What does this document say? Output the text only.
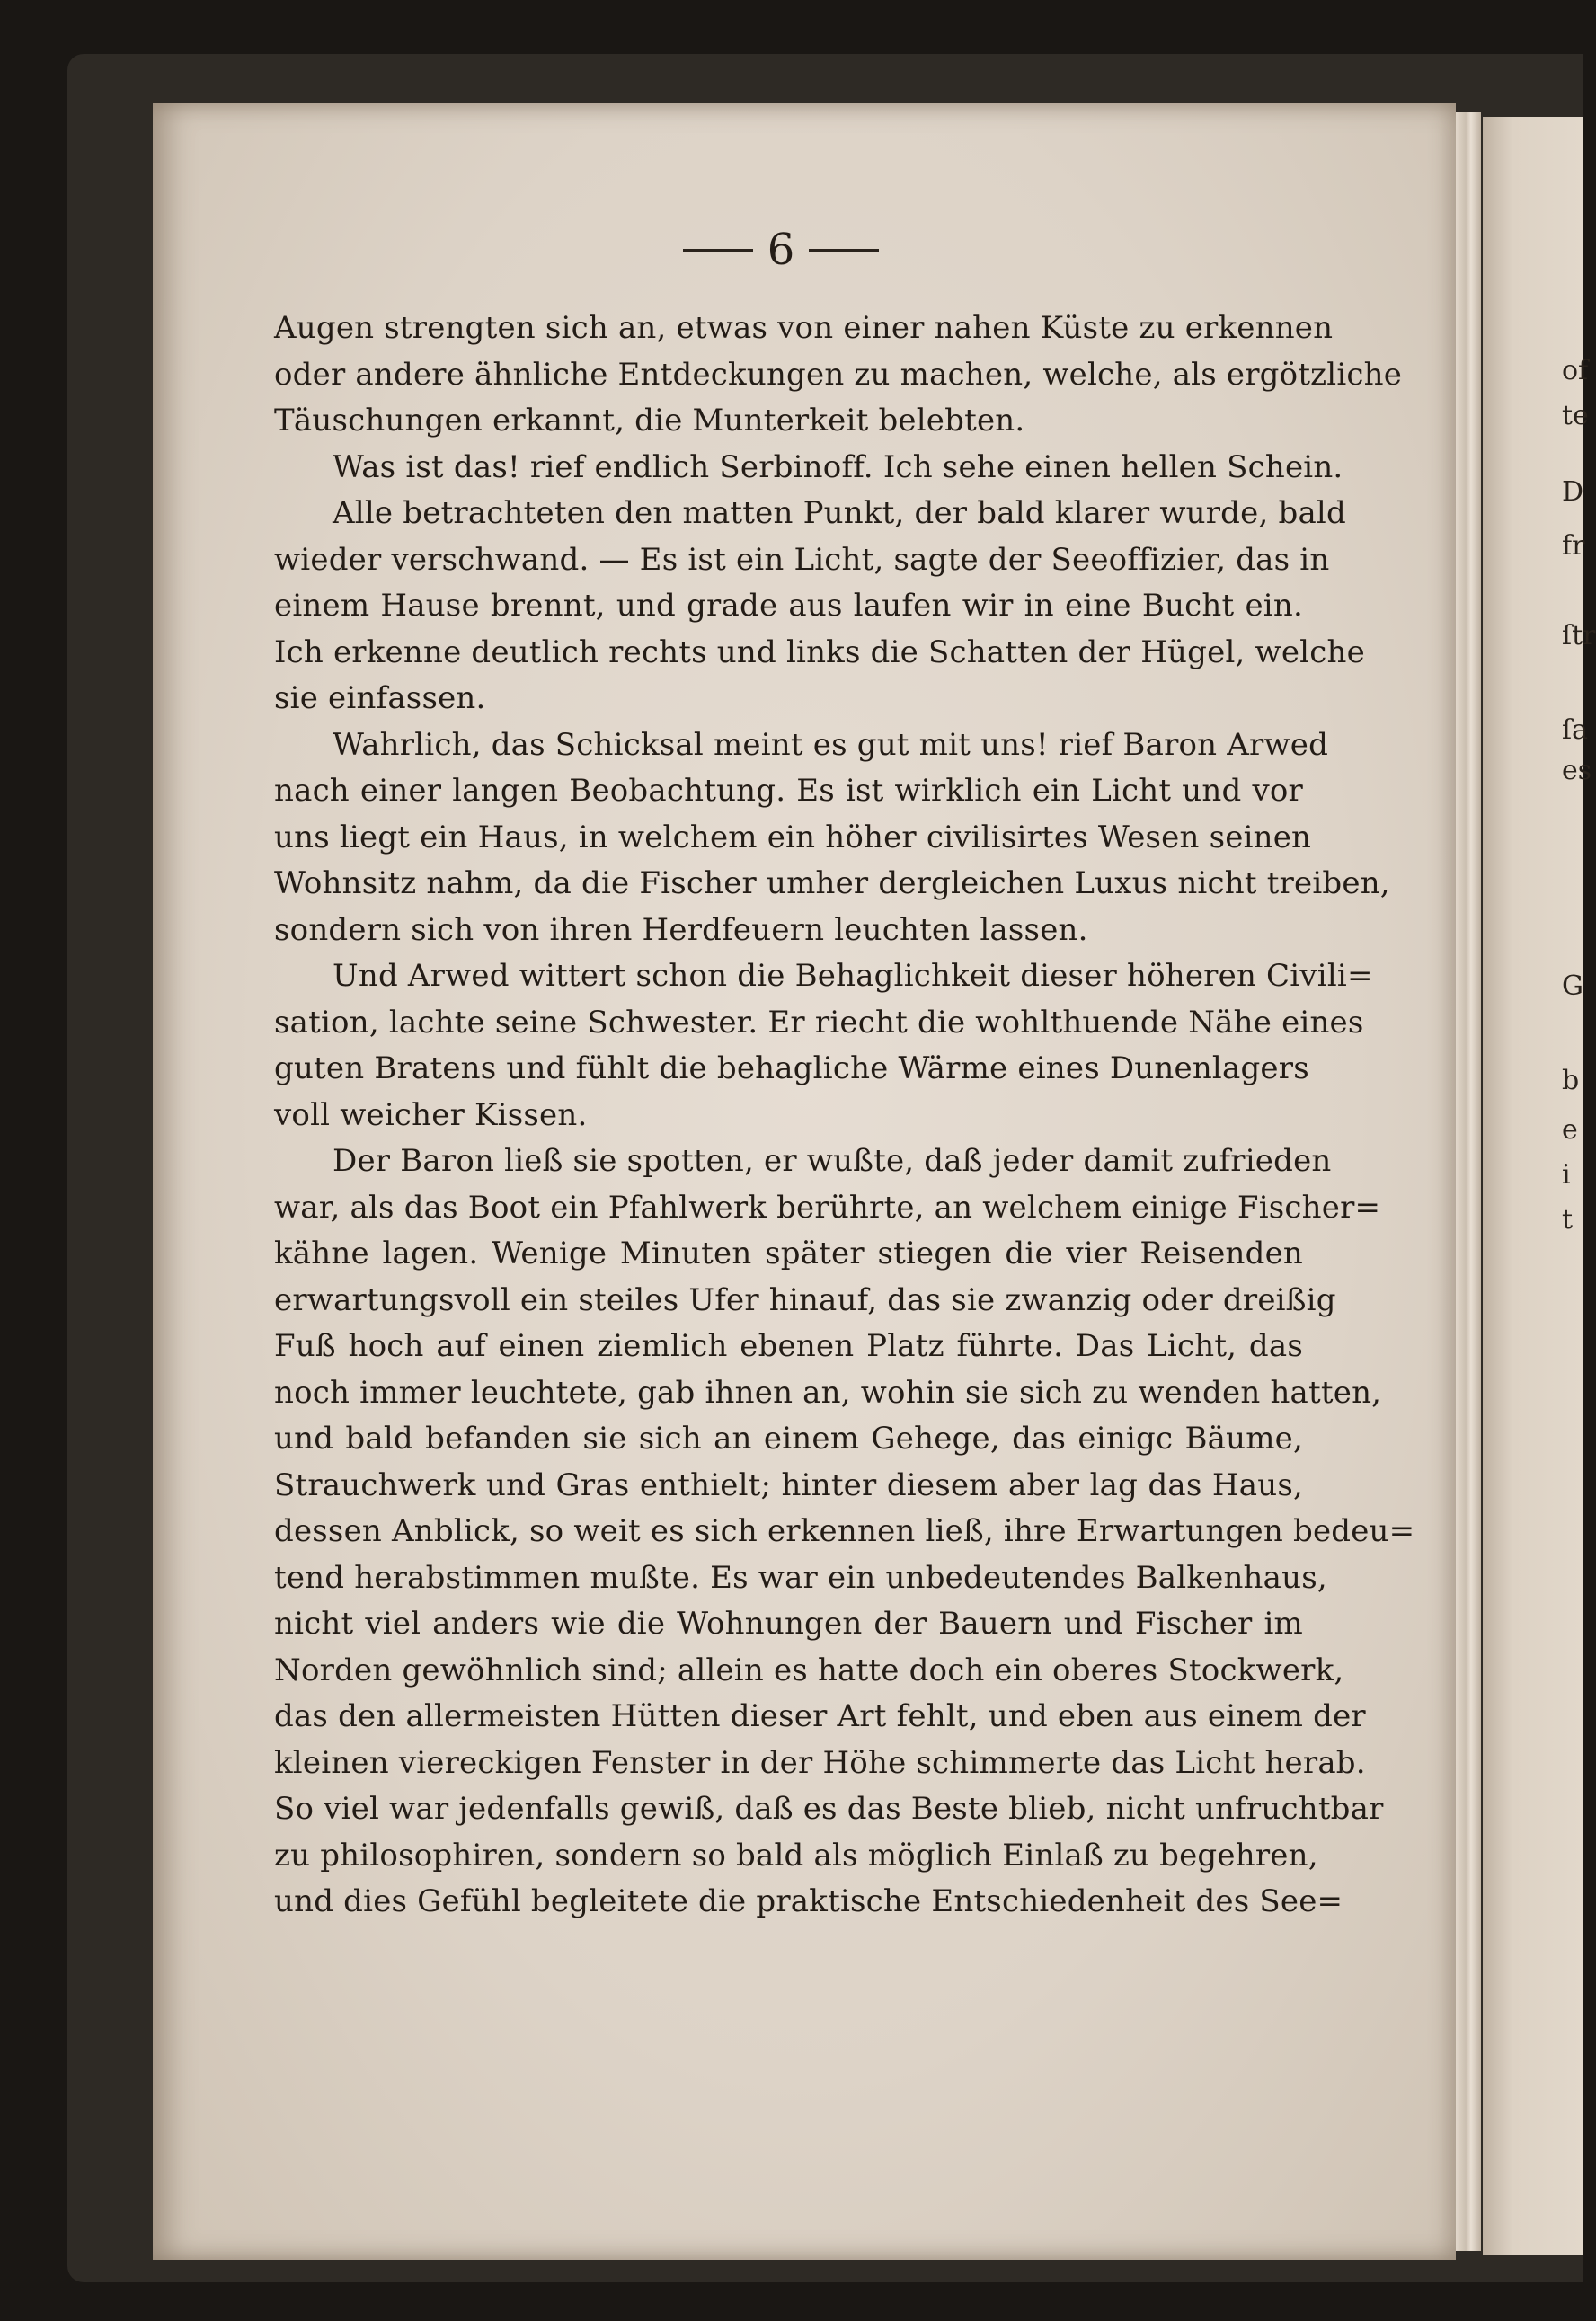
of
te
D
fr
ſtr
ſa
es
G
b
e
i
t
6
Augen strengten sich an, etwas von einer nahen Küste zu erkennen
oder andere ähnliche Entdeckungen zu machen, welche, als ergötzliche
Täuschungen erkannt, die Munterkeit belebten.
Was ist das! rief endlich Serbinoff. Ich sehe einen hellen Schein.
Alle betrachteten den matten Punkt, der bald klarer wurde, bald
wieder verschwand. — Es ist ein Licht, sagte der Seeoffizier, das in
einem Hause brennt, und grade aus laufen wir in eine Bucht ein.
Ich erkenne deutlich rechts und links die Schatten der Hügel, welche
sie einfassen.
Wahrlich, das Schicksal meint es gut mit uns! rief Baron Arwed
nach einer langen Beobachtung. Es ist wirklich ein Licht und vor
uns liegt ein Haus, in welchem ein höher civilisirtes Wesen seinen
Wohnsitz nahm, da die Fischer umher dergleichen Luxus nicht treiben,
sondern sich von ihren Herdfeuern leuchten lassen.
Und Arwed wittert schon die Behaglichkeit dieser höheren Civili=
sation, lachte seine Schwester. Er riecht die wohlthuende Nähe eines
guten Bratens und fühlt die behagliche Wärme eines Dunenlagers
voll weicher Kissen.
Der Baron ließ sie spotten, er wußte, daß jeder damit zufrieden
war, als das Boot ein Pfahlwerk berührte, an welchem einige Fischer=
kähne lagen. Wenige Minuten später stiegen die vier Reisenden
erwartungsvoll ein steiles Ufer hinauf, das sie zwanzig oder dreißig
Fuß hoch auf einen ziemlich ebenen Platz führte. Das Licht, das
noch immer leuchtete, gab ihnen an, wohin sie sich zu wenden hatten,
und bald befanden sie sich an einem Gehege, das einigc Bäume,
Strauchwerk und Gras enthielt; hinter diesem aber lag das Haus,
dessen Anblick, so weit es sich erkennen ließ, ihre Erwartungen bedeu=
tend herabstimmen mußte. Es war ein unbedeutendes Balkenhaus,
nicht viel anders wie die Wohnungen der Bauern und Fischer im
Norden gewöhnlich sind; allein es hatte doch ein oberes Stockwerk,
das den allermeisten Hütten dieser Art fehlt, und eben aus einem der
kleinen viereckigen Fenster in der Höhe schimmerte das Licht herab.
So viel war jedenfalls gewiß, daß es das Beste blieb, nicht unfruchtbar
zu philosophiren, sondern so bald als möglich Einlaß zu begehren,
und dies Gefühl begleitete die praktische Entschiedenheit des See=
